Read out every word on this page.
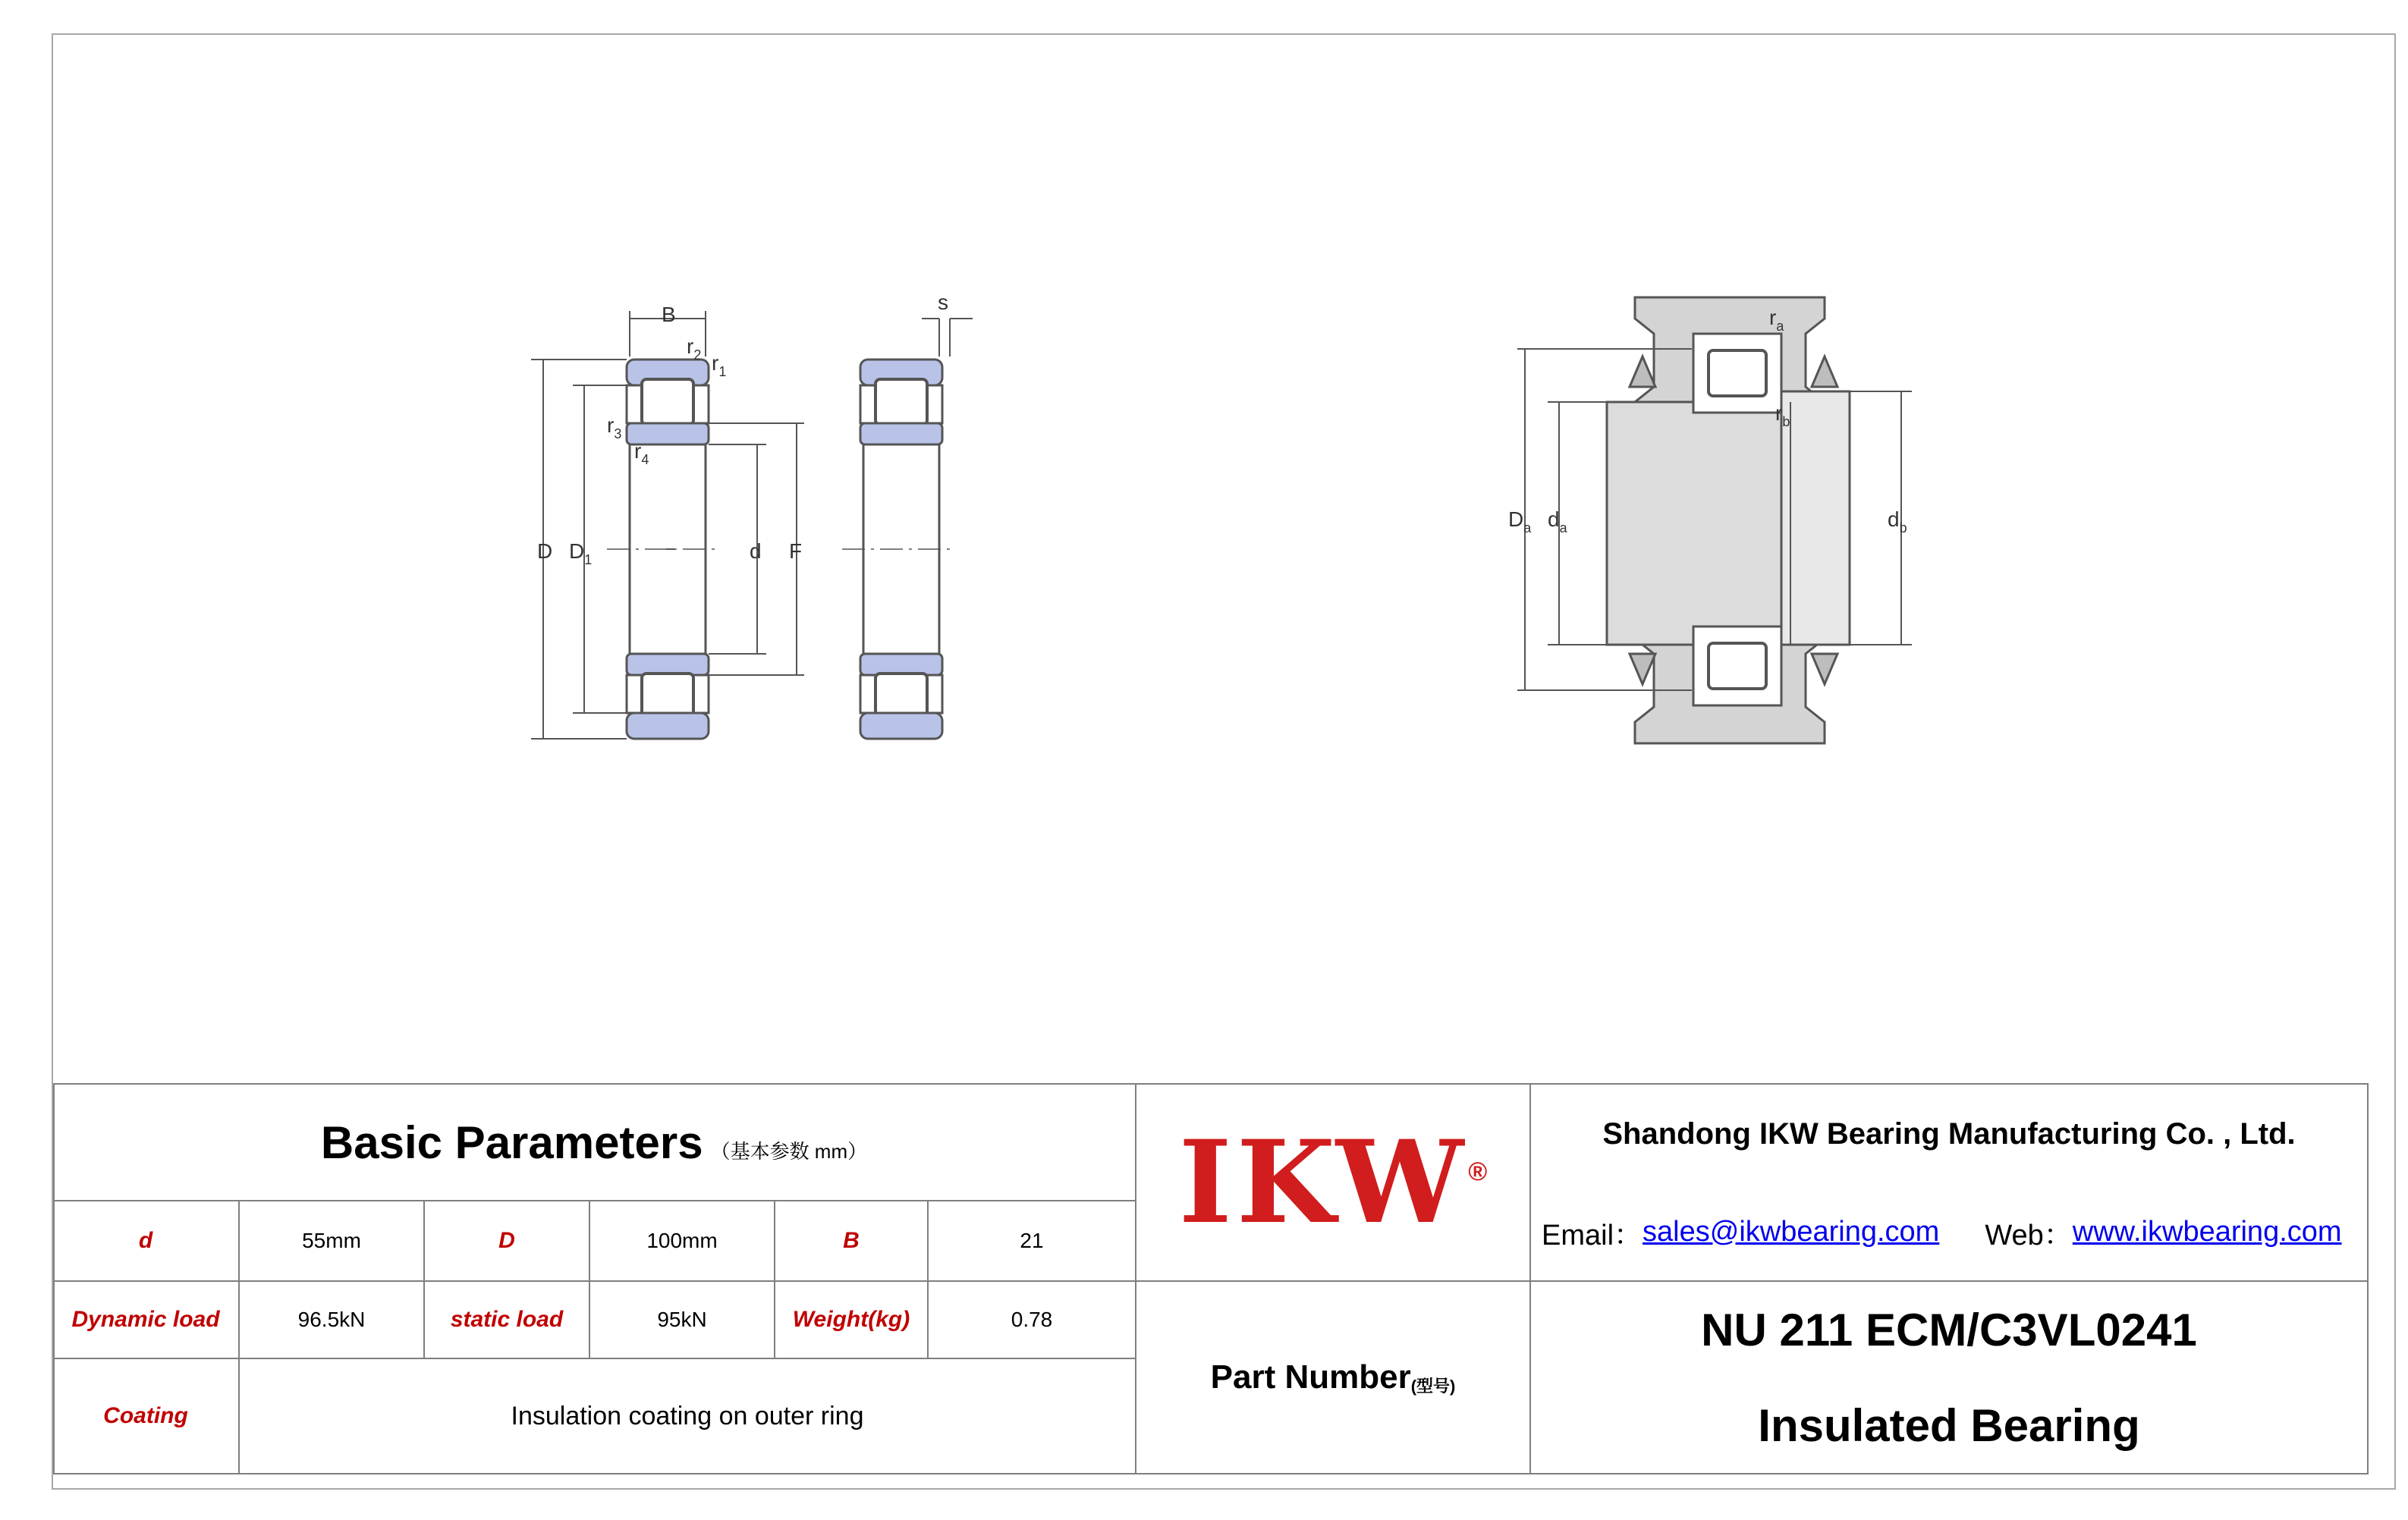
B
$r_2$ $r_1$
$r_3$
$r_4$
D $D_1$	d F
s
$D_a$ $d_a$	$d_b$
$r_a$
$r_b$
Basic Parameters （基本参数 mm）
d	55mm	D	100mm	B	21
Dynamic load	96.5kN	static load	95kN	Weight(kg)	0.78
Coating	Insulation coating on outer ring
IKW ®
Part Number (型号)
Shandong IKW Bearing Manufacturing Co. , Ltd.
Email： sales@ikwbearing.com Web： www.ikwbearing.com
NU 211 ECM/C3VL0241
Insulated Bearing
